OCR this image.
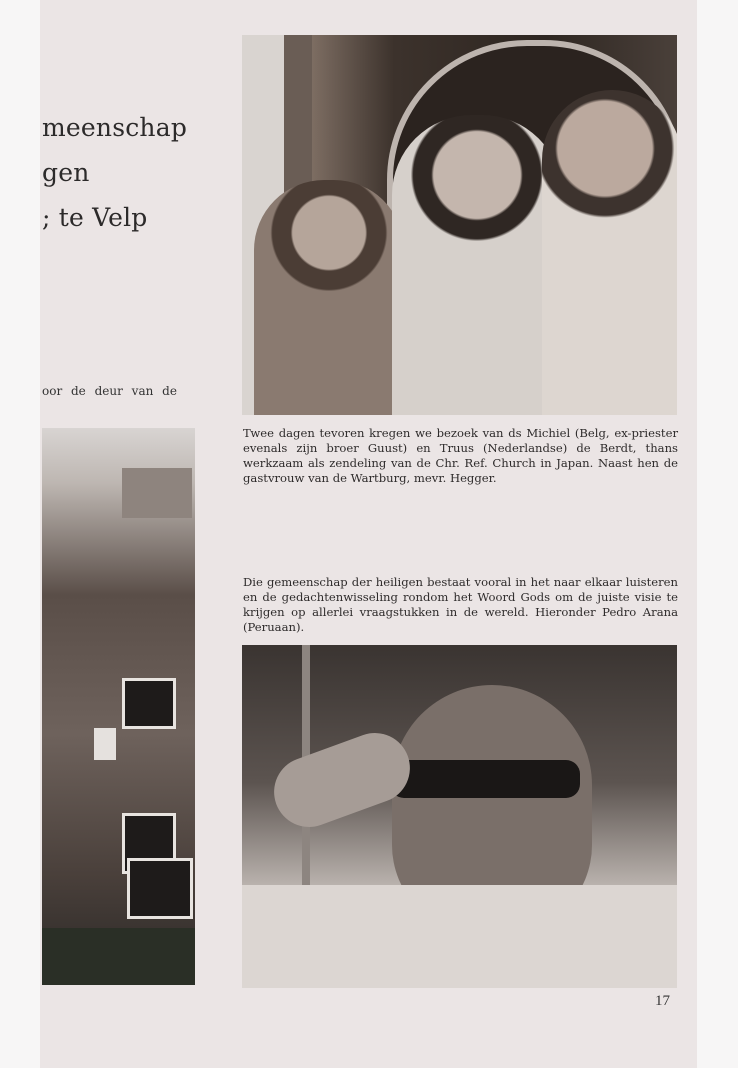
meenschap
gen
; te Velp
oor de deur van de
Twee dagen tevoren kregen we bezoek van ds Michiel (Belg, ex-priester evenals zijn broer Guust) en Truus (Nederlandse) de Berdt, thans werkzaam als zendeling van de Chr. Ref. Church in Japan. Naast hen de gastvrouw van de Wartburg, mevr. Hegger.
Die gemeenschap der heiligen bestaat vooral in het naar elkaar luisteren en de gedachtenwisseling rondom het Woord Gods om de juiste visie te krijgen op allerlei vraagstukken in de wereld. Hieronder Pedro Arana (Peruaan).
17
